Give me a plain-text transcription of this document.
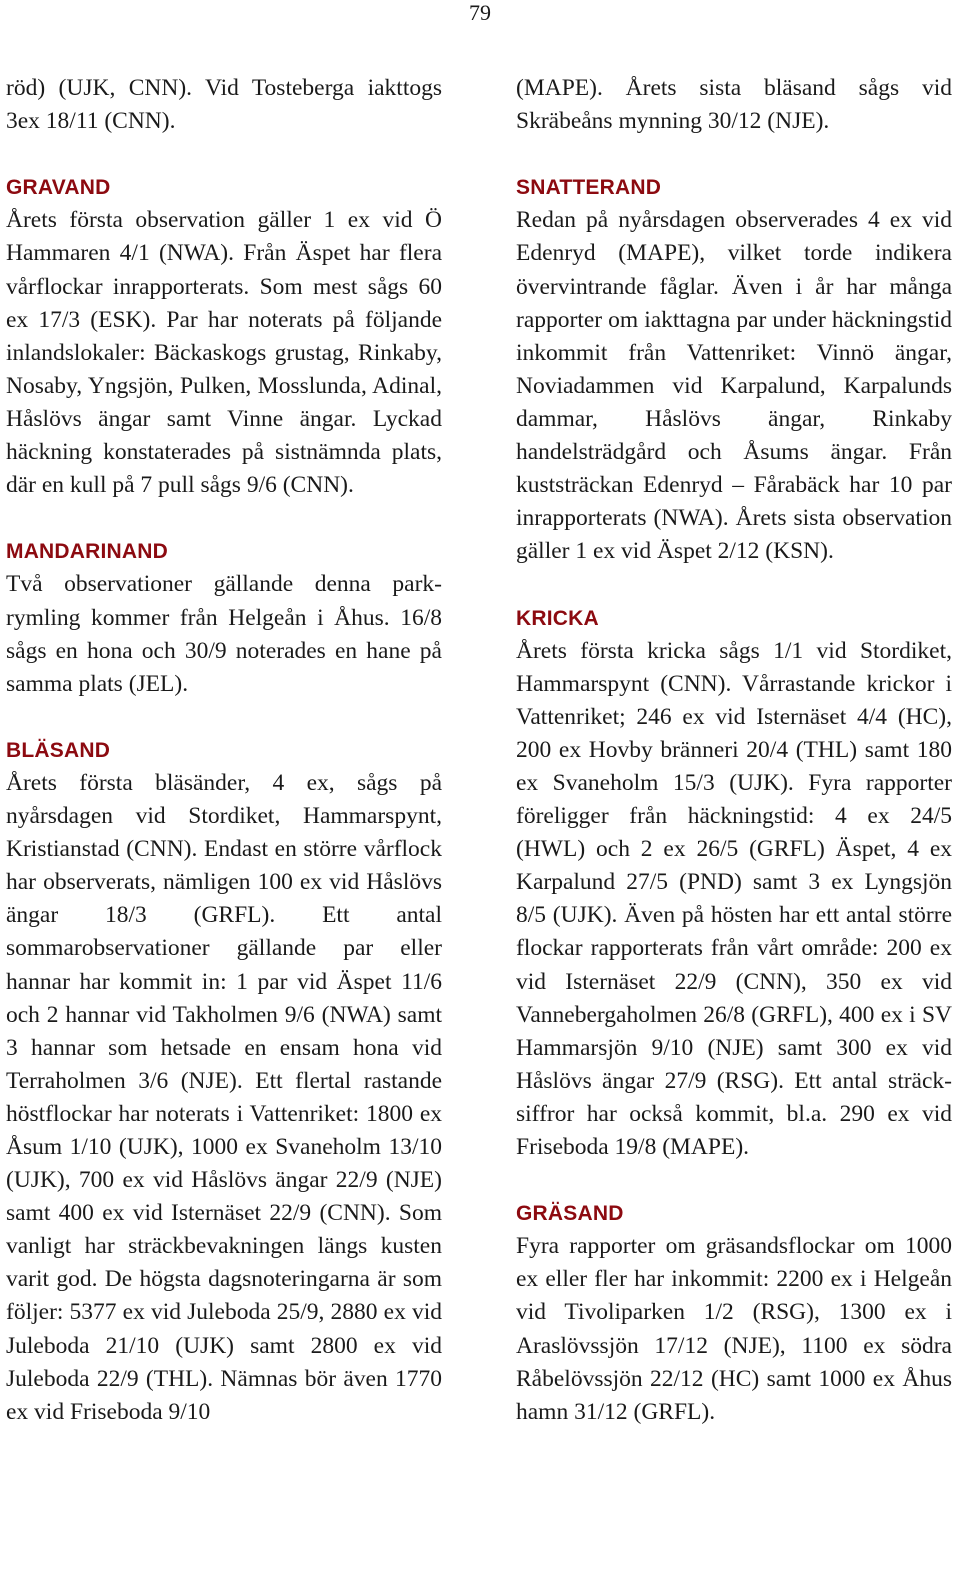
79

röd) (UJK, CNN). Vid Tosteberga iakttogs 3ex 18/11 (CNN).

GRAVAND

Årets första observation gäller 1 ex vid Ö Hammaren 4/1 (NWA). Från Äspet har flera vårflockar inrapporterats. Som mest sågs 60 ex 17/3 (ESK). Par har noterats på följande inlandslokaler: Bäckaskogs grustag, Rinkaby, Nosaby, Yngsjön, Pulken, Mosslunda, Adinal, Håslövs ängar samt Vinne ängar. Lyckad häckning konstaterades på sistnämnda plats, där en kull på 7 pull sågs 9/6 (CNN).

MANDARINAND

Två observationer gällande denna parkrymling kommer från Helgeån i Åhus. 16/8 sågs en hona och 30/9 noterades en hane på samma plats (JEL).

BLÄSAND

Årets första bläsänder, 4 ex, sågs på nyårsdagen vid Stordiket, Hammarspynt, Kristianstad (CNN). Endast en större vårflock har observerats, nämligen 100 ex vid Håslövs ängar 18/3 (GRFL). Ett antal sommarobservationer gällande par eller hannar har kommit in: 1 par vid Äspet 11/6 och 2 hannar vid Takholmen 9/6 (NWA) samt 3 hannar som hetsade en ensam hona vid Terraholmen 3/6 (NJE). Ett flertal rastande höstflockar har noterats i Vattenriket: 1800 ex Åsum 1/10 (UJK), 1000 ex Svaneholm 13/10 (UJK), 700 ex vid Håslövs ängar 22/9 (NJE) samt 400 ex vid Isternäset 22/9 (CNN). Som vanligt har sträckbevakningen längs kusten varit god. De högsta dagsnoteringarna är som följer: 5377 ex vid Juleboda 25/9, 2880 ex vid Juleboda 21/10 (UJK) samt 2800 ex vid Juleboda 22/9 (THL). Nämnas bör även 1770 ex vid Friseboda 9/10

(MAPE). Årets sista bläsand sågs vid Skräbeåns mynning 30/12 (NJE).

SNATTERAND

Redan på nyårsdagen observerades 4 ex vid Edenryd (MAPE), vilket torde indikera övervintrande fåglar. Även i år har många rapporter om iakttagna par under häckningstid inkommit från Vattenriket: Vinnö ängar, Noviadammen vid Karpalund, Karpalunds dammar, Håslövs ängar, Rinkaby handelsträdgård och Åsums ängar. Från kuststräckan Edenryd – Fårabäck har 10 par inrapporterats (NWA). Årets sista observation gäller 1 ex vid Äspet 2/12 (KSN).

KRICKA

Årets första kricka sågs 1/1 vid Stordiket, Hammarspynt (CNN). Vårrastande krickor i Vattenriket; 246 ex vid Isternäset 4/4 (HC), 200 ex Hovby bränneri 20/4 (THL) samt 180 ex Svaneholm 15/3 (UJK). Fyra rapporter föreligger från häckningstid: 4 ex 24/5 (HWL) och 2 ex 26/5 (GRFL) Äspet, 4 ex Karpalund 27/5 (PND) samt 3 ex Lyngsjön 8/5 (UJK). Även på hösten har ett antal större flockar rapporterats från vårt område: 200 ex vid Isternäset 22/9 (CNN), 350 ex vid Vannebergaholmen 26/8 (GRFL), 400 ex i SV Hammarsjön 9/10 (NJE) samt 300 ex vid Håslövs ängar 27/9 (RSG). Ett antal sträcksiffror har också kommit, bl.a. 290 ex vid Friseboda 19/8 (MAPE).

GRÄSAND

Fyra rapporter om gräsandsflockar om 1000 ex eller fler har inkommit: 2200 ex i Helgeån vid Tivoliparken 1/2 (RSG), 1300 ex i Araslövssjön 17/12 (NJE), 1100 ex södra Råbelövssjön 22/12 (HC) samt 1000 ex Åhus hamn 31/12 (GRFL).
